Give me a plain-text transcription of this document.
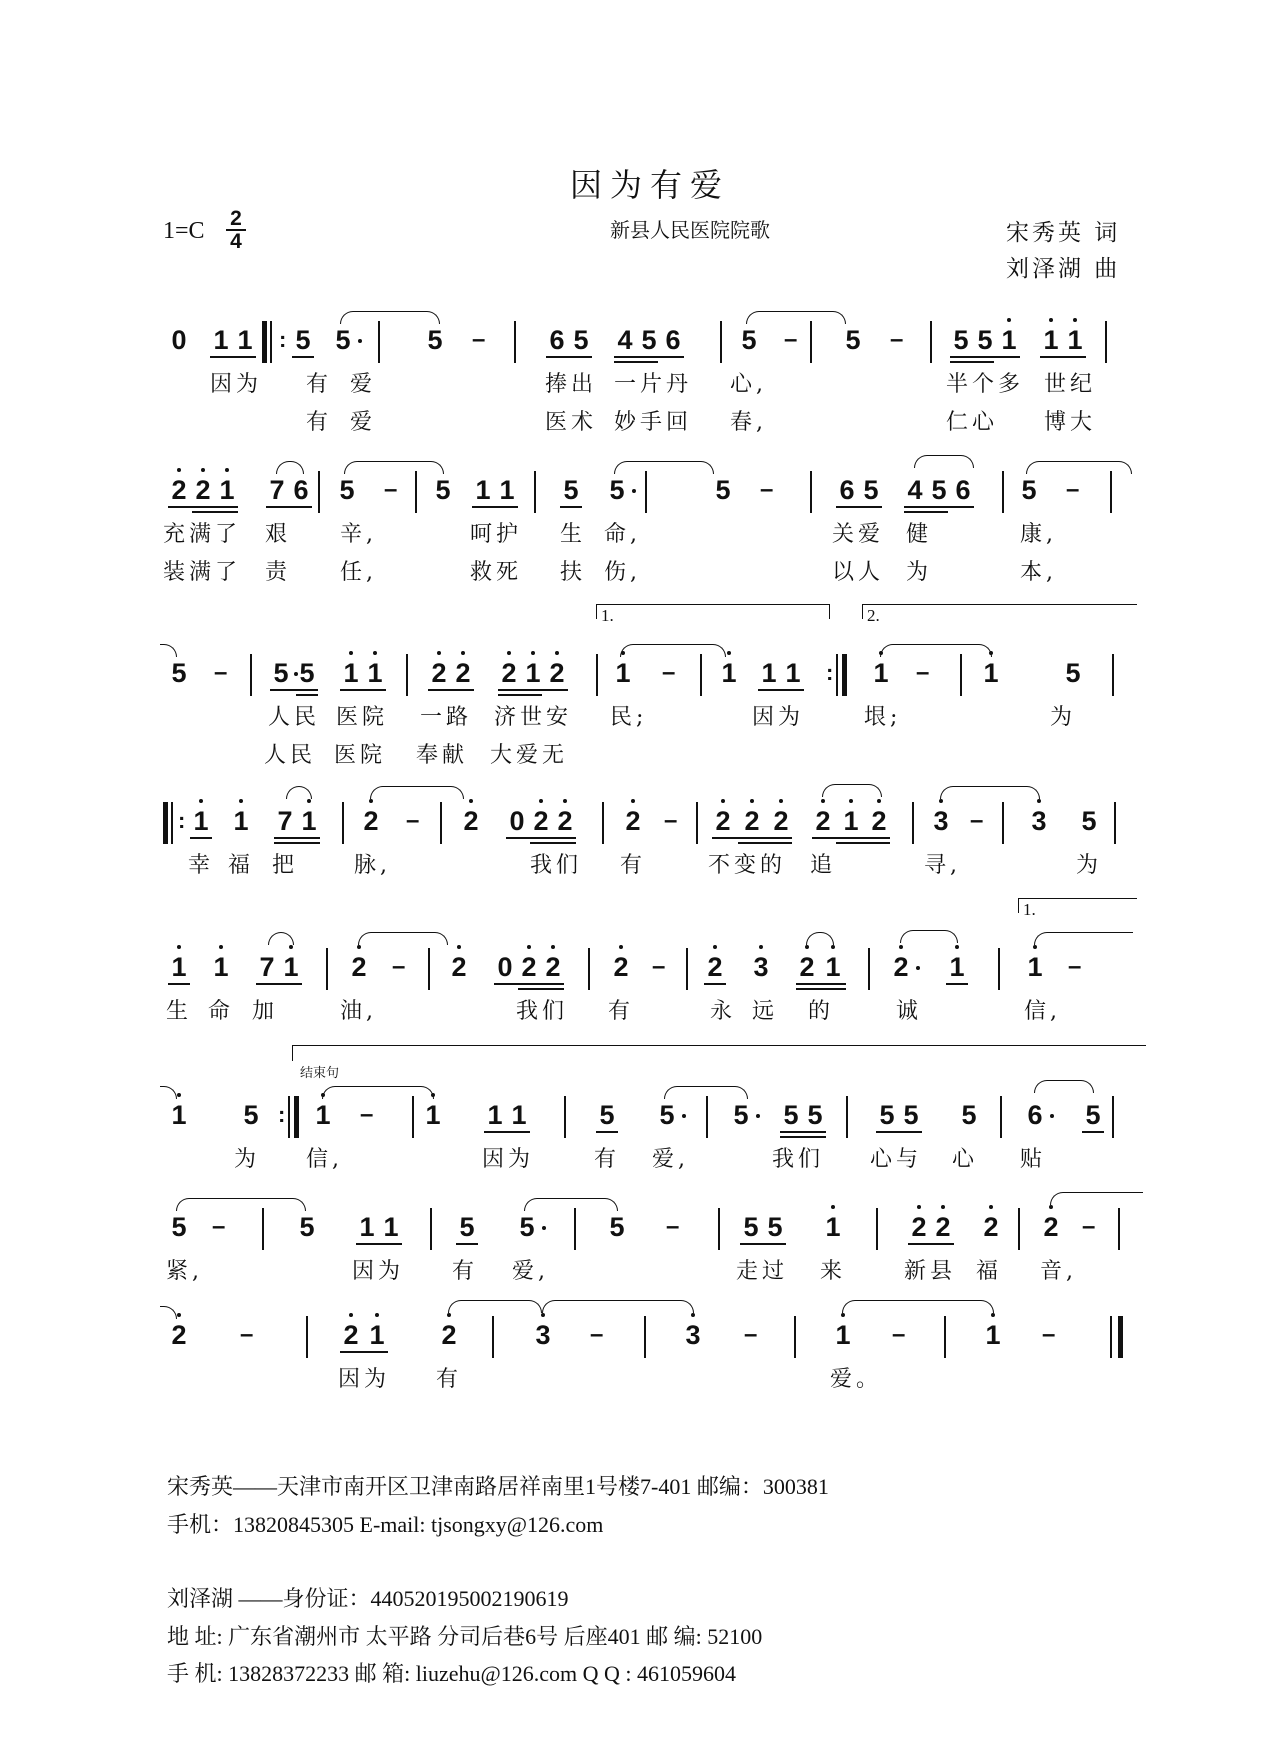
因为有爱
$1=C \frac{2}{4}$	新县人民医院院歌	宋秀英 词
刘泽湖 曲
0 1 1 : 5 5	5 – 6 5 4 5 6 5 – 5 – 5 5 1 1 1
因为 有 爱	捧出 一片丹 心,	半个多 世纪
有 爱	医术 妙手回 春,	仁心 博大
2 2 1 7 6 5 – 5 1 1 5 5	5 – 6 5 4 5 6 5 –
充满了 艰 辛,	呵护 生 命,	关爱 健	康,
装满了 责 任,	救死 扶 伤,	以人 为	本,
1.	2.
5 – 5 5 1 1 2 2 2 1 2 1 – 1 1 1 : 1 – 1 5
人民 医院 一路 济世安 民;	因为	垠;	为
人民 医院 奉献 大爱无
: 1 1 7 1 2 – 2 0 2 2 2 – 2 2 2 2 1 2 3 – 3 5
幸 福 把	脉,	我们 有	不变的 追	寻,	为
1.
1 1 7 1 2 – 2 0 2 2 2 – 2 3 2 1 2 1 1 –
生 命 加	油,	我们 有	永 远 的	诚	信,
结束句
1 5 : 1 – 1 1 1	5 5 5 5 5 5 5 5 6 5
为 信,	因为	有 爱,	我们 心与 心 贴
5 –	5 1 1 5 5	5 – 5 5 1	2 2 2 2 –
紧,	因为 有 爱,	走过 来	新县 福 音,
2 –	2 1 2	3 –	3 –	1 –	1 –
因为 有	爱。
宋秀英——天津市南开区卫津南路居祥南里1号楼7-401 邮编：300381
手机：13820845305 E-mail: tjsongxy@126.com
刘泽湖 ——身份证：440520195002190619
地 址: 广东省潮州市 太平路 分司后巷6号 后座401 邮 编: 52100
手 机: 13828372233 邮 箱: liuzehu@126.com Q Q : 461059604
